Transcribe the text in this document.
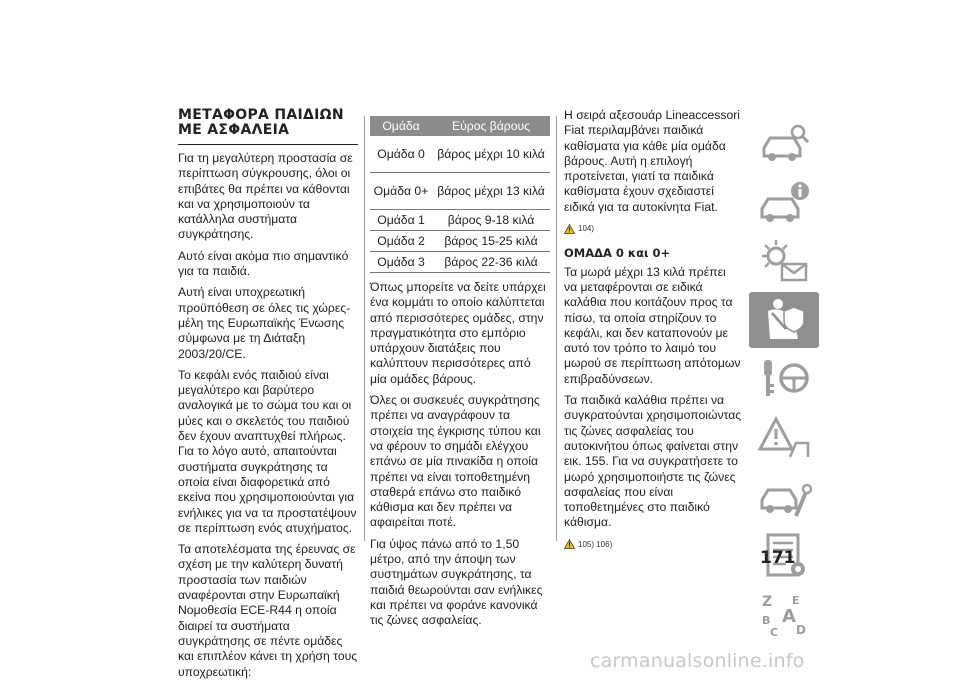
ΜΕΤΑΦΟΡΑ ΠΑΙΔΙΩΝ ΜΕ ΑΣΦΑΛΕΙΑ

Για τη μεγαλύτερη προστασία σε περίπτωση σύγκρουσης, όλοι οι επιβάτες θα πρέπει να κάθονται και να χρησιμοποιούν τα κατάλληλα συστήματα συγκράτησης.

Αυτό είναι ακόμα πιο σημαντικό για τα παιδιά.

Αυτή είναι υποχρεωτική προϋπόθεση σε όλες τις χώρες-μέλη της Ευρωπαϊκής Ένωσης σύμφωνα με τη Διάταξη 2003/20/CE.

Το κεφάλι ενός παιδιού είναι μεγαλύτερο και βαρύτερο αναλογικά με το σώμα του και οι μύες και ο σκελετός του παιδιού δεν έχουν αναπτυχθεί πλήρως. Για το λόγο αυτό, απαιτούνται συστήματα συγκράτησης τα οποία είναι διαφορετικά από εκείνα που χρησιμοποιούνται για ενήλικες για να τα προστατέψουν σε περίπτωση ενός ατυχήματος.

Τα αποτελέσματα της έρευνας σε σχέση με την καλύτερη δυνατή προστασία των παιδιών αναφέρονται στην Ευρωπαϊκή Νομοθεσία ECE-R44 η οποία διαιρεί τα συστήματα συγκράτησης σε πέντε ομάδες και επιπλέον κάνει τη χρήση τους υποχρεωτική:

Ομάδα	Εύρος βάρους
Ομάδα 0	βάρος μέχρι 10 κιλά
Ομάδα 0+	βάρος μέχρι 13 κιλά
Ομάδα 1	βάρος 9-18 κιλά
Ομάδα 2	βάρος 15-25 κιλά
Ομάδα 3	βάρος 22-36 κιλά

Όπως μπορείτε να δείτε υπάρχει ένα κομμάτι το οποίο καλύπτεται από περισσότερες ομάδες, στην πραγματικότητα στο εμπόριο υπάρχουν διατάξεις που καλύπτουν περισσότερες από μία ομάδες βάρους.

Όλες οι συσκευές συγκράτησης πρέπει να αναγράφουν τα στοιχεία της έγκρισης τύπου και να φέρουν το σημάδι ελέγχου επάνω σε μία πινακίδα η οποία πρέπει να είναι τοποθετημένη σταθερά επάνω στο παιδικό κάθισμα και δεν πρέπει να αφαιρείται ποτέ.

Για ύψος πάνω από το 1,50 μέτρο, από την άποψη των συστημάτων συγκράτησης, τα παιδιά θεωρούνται σαν ενήλικες και πρέπει να φοράνε κανονικά τις ζώνες ασφαλείας.

Η σειρά αξεσουάρ Lineaccessori Fiat περιλαμβάνει παιδικά καθίσματα για κάθε μία ομάδα βάρους. Αυτή η επιλογή προτείνεται, γιατί τα παιδικά καθίσματα έχουν σχεδιαστεί ειδικά για τα αυτοκίνητα Fiat.

104)
ΟΜΑΔΑ 0 και 0+

Τα μωρά μέχρι 13 κιλά πρέπει να μεταφέρονται σε ειδικά καλάθια που κοιτάζουν προς τα πίσω, τα οποία στηρίζουν το κεφάλι, και δεν καταπονούν με αυτό τον τρόπο το λαιμό του μωρού σε περίπτωση απότομων επιβραδύνσεων.

Τα παιδικά καλάθια πρέπει να συγκρατούνται χρησιμοποιώντας τις ζώνες ασφαλείας του αυτοκινήτου όπως φαίνεται στην εικ. 155. Για να συγκρατήσετε το μωρό χρησιμοποιήστε τις ζώνες ασφαλείας που είναι τοποθετημένες στο παιδικό κάθισμα.

105) 106)
Z E
B A
C D
171
carmanualsonline.info
